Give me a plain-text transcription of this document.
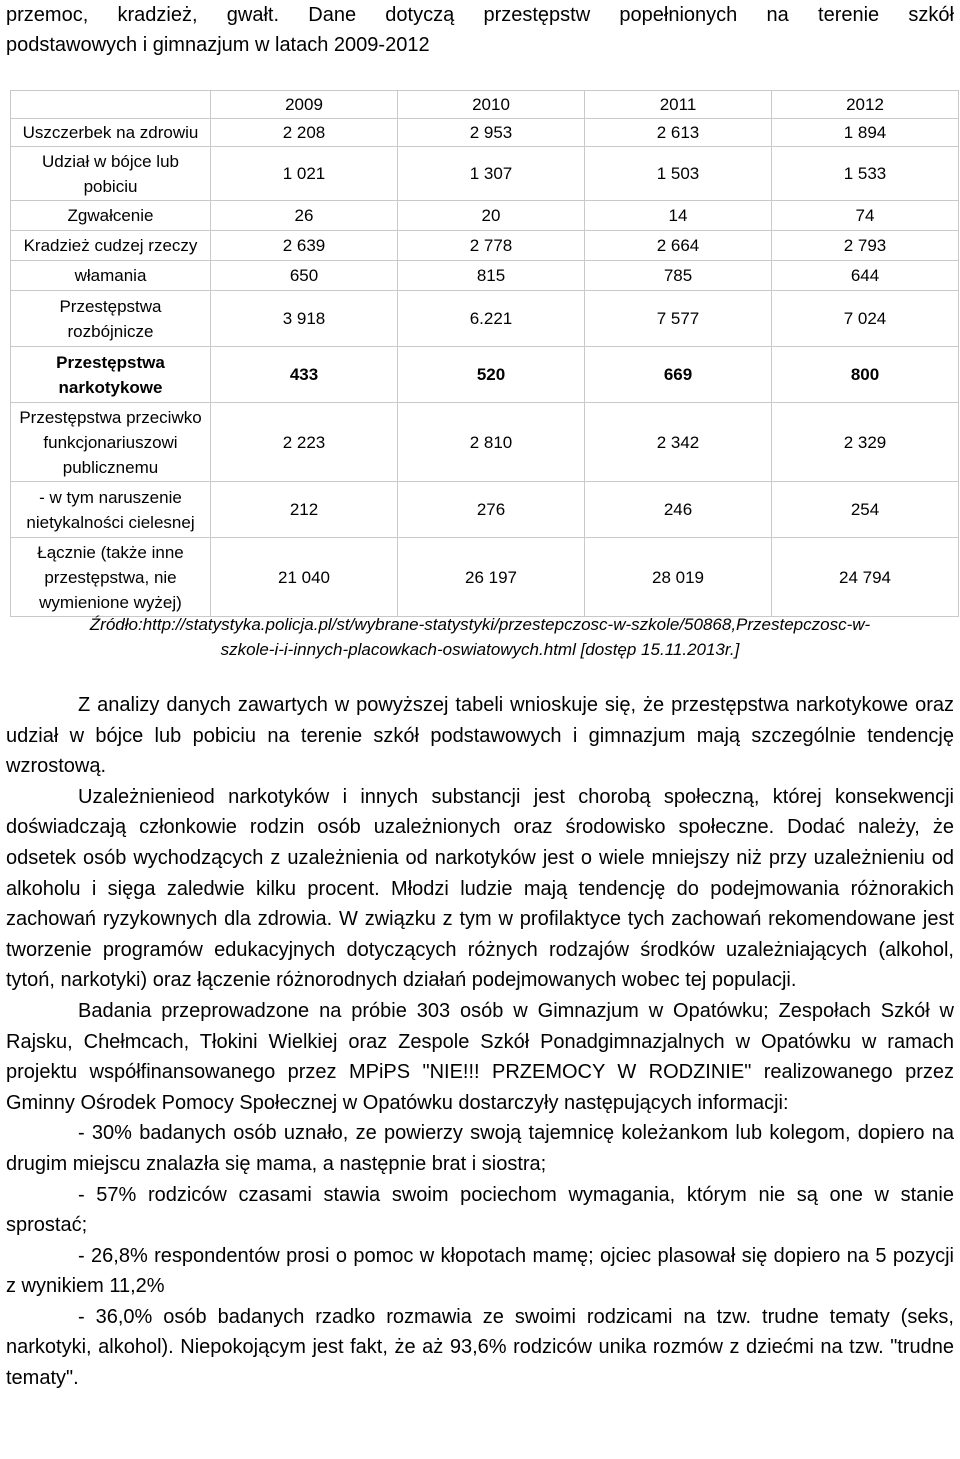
przemoc, kradzież, gwałt. Dane dotyczą przestępstw popełnionych na terenie szkół
podstawowych i gimnazjum w latach 2009-2012

	2009	2010	2011	2012
Uszczerbek na zdrowiu	2 208	2 953	2 613	1 894
Udział w bójce lub pobiciu	1 021	1 307	1 503	1 533
Zgwałcenie	26	20	14	74
Kradzież cudzej rzeczy	2 639	2 778	2 664	2 793
włamania	650	815	785	644
Przestępstwa rozbójnicze	3 918	6.221	7 577	7 024
Przestępstwa narkotykowe	433	520	669	800
Przestępstwa przeciwko funkcjonariuszowi publicznemu	2 223	2 810	2 342	2 329
- w tym naruszenie nietykalności cielesnej	212	276	246	254
Łącznie (także inne przestępstwa, nie wymienione wyżej)	21 040	26 197	28 019	24 794

Źródło:http://statystyka.policja.pl/st/wybrane-statystyki/przestepczosc-w-szkole/50868,Przestepczosc-w-
szkole-i-i-innych-placowkach-oswiatowych.html [dostęp 15.11.2013r.]

Z analizy danych zawartych w powyższej tabeli wnioskuje się, że przestępstwa narkotykowe oraz udział w bójce lub pobiciu na terenie szkół podstawowych i gimnazjum mają szczególnie tendencję wzrostową.

Uzależnienieod narkotyków i innych substancji jest chorobą społeczną, której konsekwencji doświadczają członkowie rodzin osób uzależnionych oraz środowisko społeczne. Dodać należy, że odsetek osób wychodzących z uzależnienia od narkotyków jest o wiele mniejszy niż przy uzależnieniu od alkoholu i sięga zaledwie kilku procent. Młodzi ludzie mają tendencję do podejmowania różnorakich zachowań ryzykownych dla zdrowia. W związku z tym w profilaktyce tych zachowań rekomendowane jest tworzenie programów edukacyjnych dotyczących różnych rodzajów środków uzależniających (alkohol, tytoń, narkotyki) oraz łączenie różnorodnych działań podejmowanych wobec tej populacji.

Badania przeprowadzone na próbie 303 osób w Gimnazjum w Opatówku; Zespołach Szkół w Rajsku, Chełmcach, Tłokini Wielkiej oraz Zespole Szkół Ponadgimnazjalnych w Opatówku w ramach projektu współfinansowanego przez MPiPS "NIE!!! PRZEMOCY W RODZINIE" realizowanego przez Gminny Ośrodek Pomocy Społecznej w Opatówku dostarczyły następujących informacji:

- 30% badanych osób uznało, ze powierzy swoją tajemnicę koleżankom lub kolegom, dopiero na drugim miejscu znalazła się mama, a następnie brat i siostra;

- 57% rodziców czasami stawia swoim pociechom wymagania, którym nie są one w stanie sprostać;

- 26,8% respondentów prosi o pomoc w kłopotach mamę; ojciec plasował się dopiero na 5 pozycji z wynikiem 11,2%

- 36,0% osób badanych rzadko rozmawia ze swoimi rodzicami na tzw. trudne tematy (seks, narkotyki, alkohol). Niepokojącym jest fakt, że aż 93,6% rodziców unika rozmów z dziećmi na tzw. "trudne tematy".
